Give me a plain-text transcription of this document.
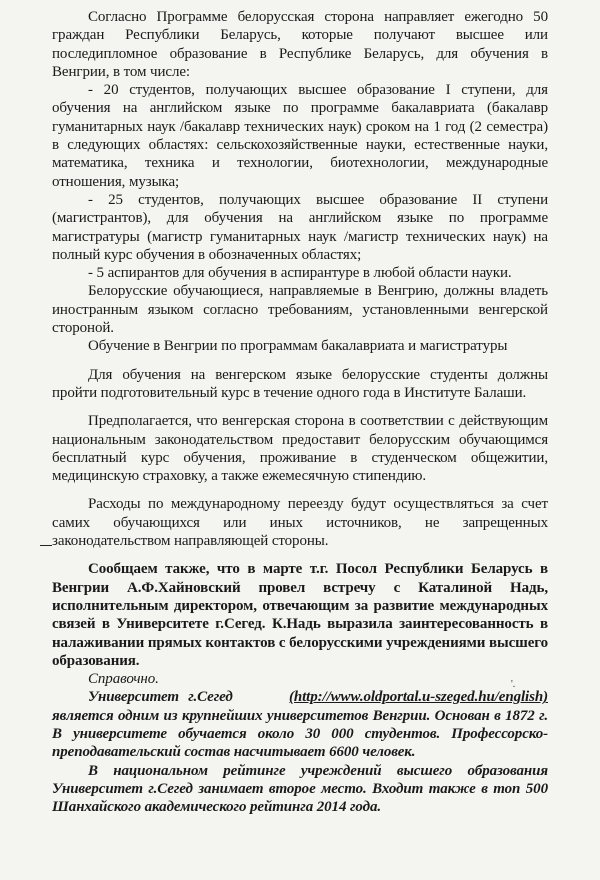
Согласно Программе белорусская сторона направляет ежегодно 50 граждан Республики Беларусь, которые получают высшее или последипломное образование в Республике Беларусь, для обучения в Венгрии, в том числе:

- 20 студентов, получающих высшее образование I ступени, для обучения на английском языке по программе бакалавриата (бакалавр гуманитарных наук /бакалавр технических наук) сроком на 1 год (2 семестра) в следующих областях: сельскохозяйственные науки, естественные науки, математика, техника и технологии, биотехнологии, международные отношения, музыка;

- 25 студентов, получающих высшее образование II ступени (магистрантов), для обучения на английском языке по программе магистратуры (магистр гуманитарных наук /магистр технических наук) на полный курс обучения в обозначенных областях;

- 5 аспирантов для обучения в аспирантуре в любой области науки.

Белорусские обучающиеся, направляемые в Венгрию, должны владеть иностранным языком согласно требованиям, установленными венгерской стороной.

Обучение в Венгрии по программам бакалавриата и магистратуры

Для обучения на венгерском языке белорусские студенты должны пройти подготовительный курс в течение одного года в Институте Балаши.

Предполагается, что венгерская сторона в соответствии с действующим национальным законодательством предоставит белорусским обучающимся бесплатный курс обучения, проживание в студенческом общежитии, медицинскую страховку, а также ежемесячную стипендию.

Расходы по международному переезду будут осуществляться за счет самих обучающихся или иных источников, не запрещенных законодательством направляющей стороны.

Сообщаем также, что в марте т.г. Посол Республики Беларусь в Венгрии А.Ф.Хайновский провел встречу с Каталиной Надь, исполнительным директором, отвечающим за развитие международных связей в Университете г.Сегед. К.Надь выразила заинтересованность в налаживании прямых контактов с белорусскими учреждениями высшего образования.

Справочно.

Университет г.Сегед	(http://www.oldportal.u-szeged.hu/english) является одним из крупнейших университетов Венгрии. Основан в 1872 г. В университете обучается около 30 000 студентов. Профессорско-преподавательский состав насчитывает 6600 человек.

В национальном рейтинге учреждений высшего образования Университет г.Сегед занимает второе место. Входит также в топ 500 Шанхайского академического рейтинга 2014 года.

'.
